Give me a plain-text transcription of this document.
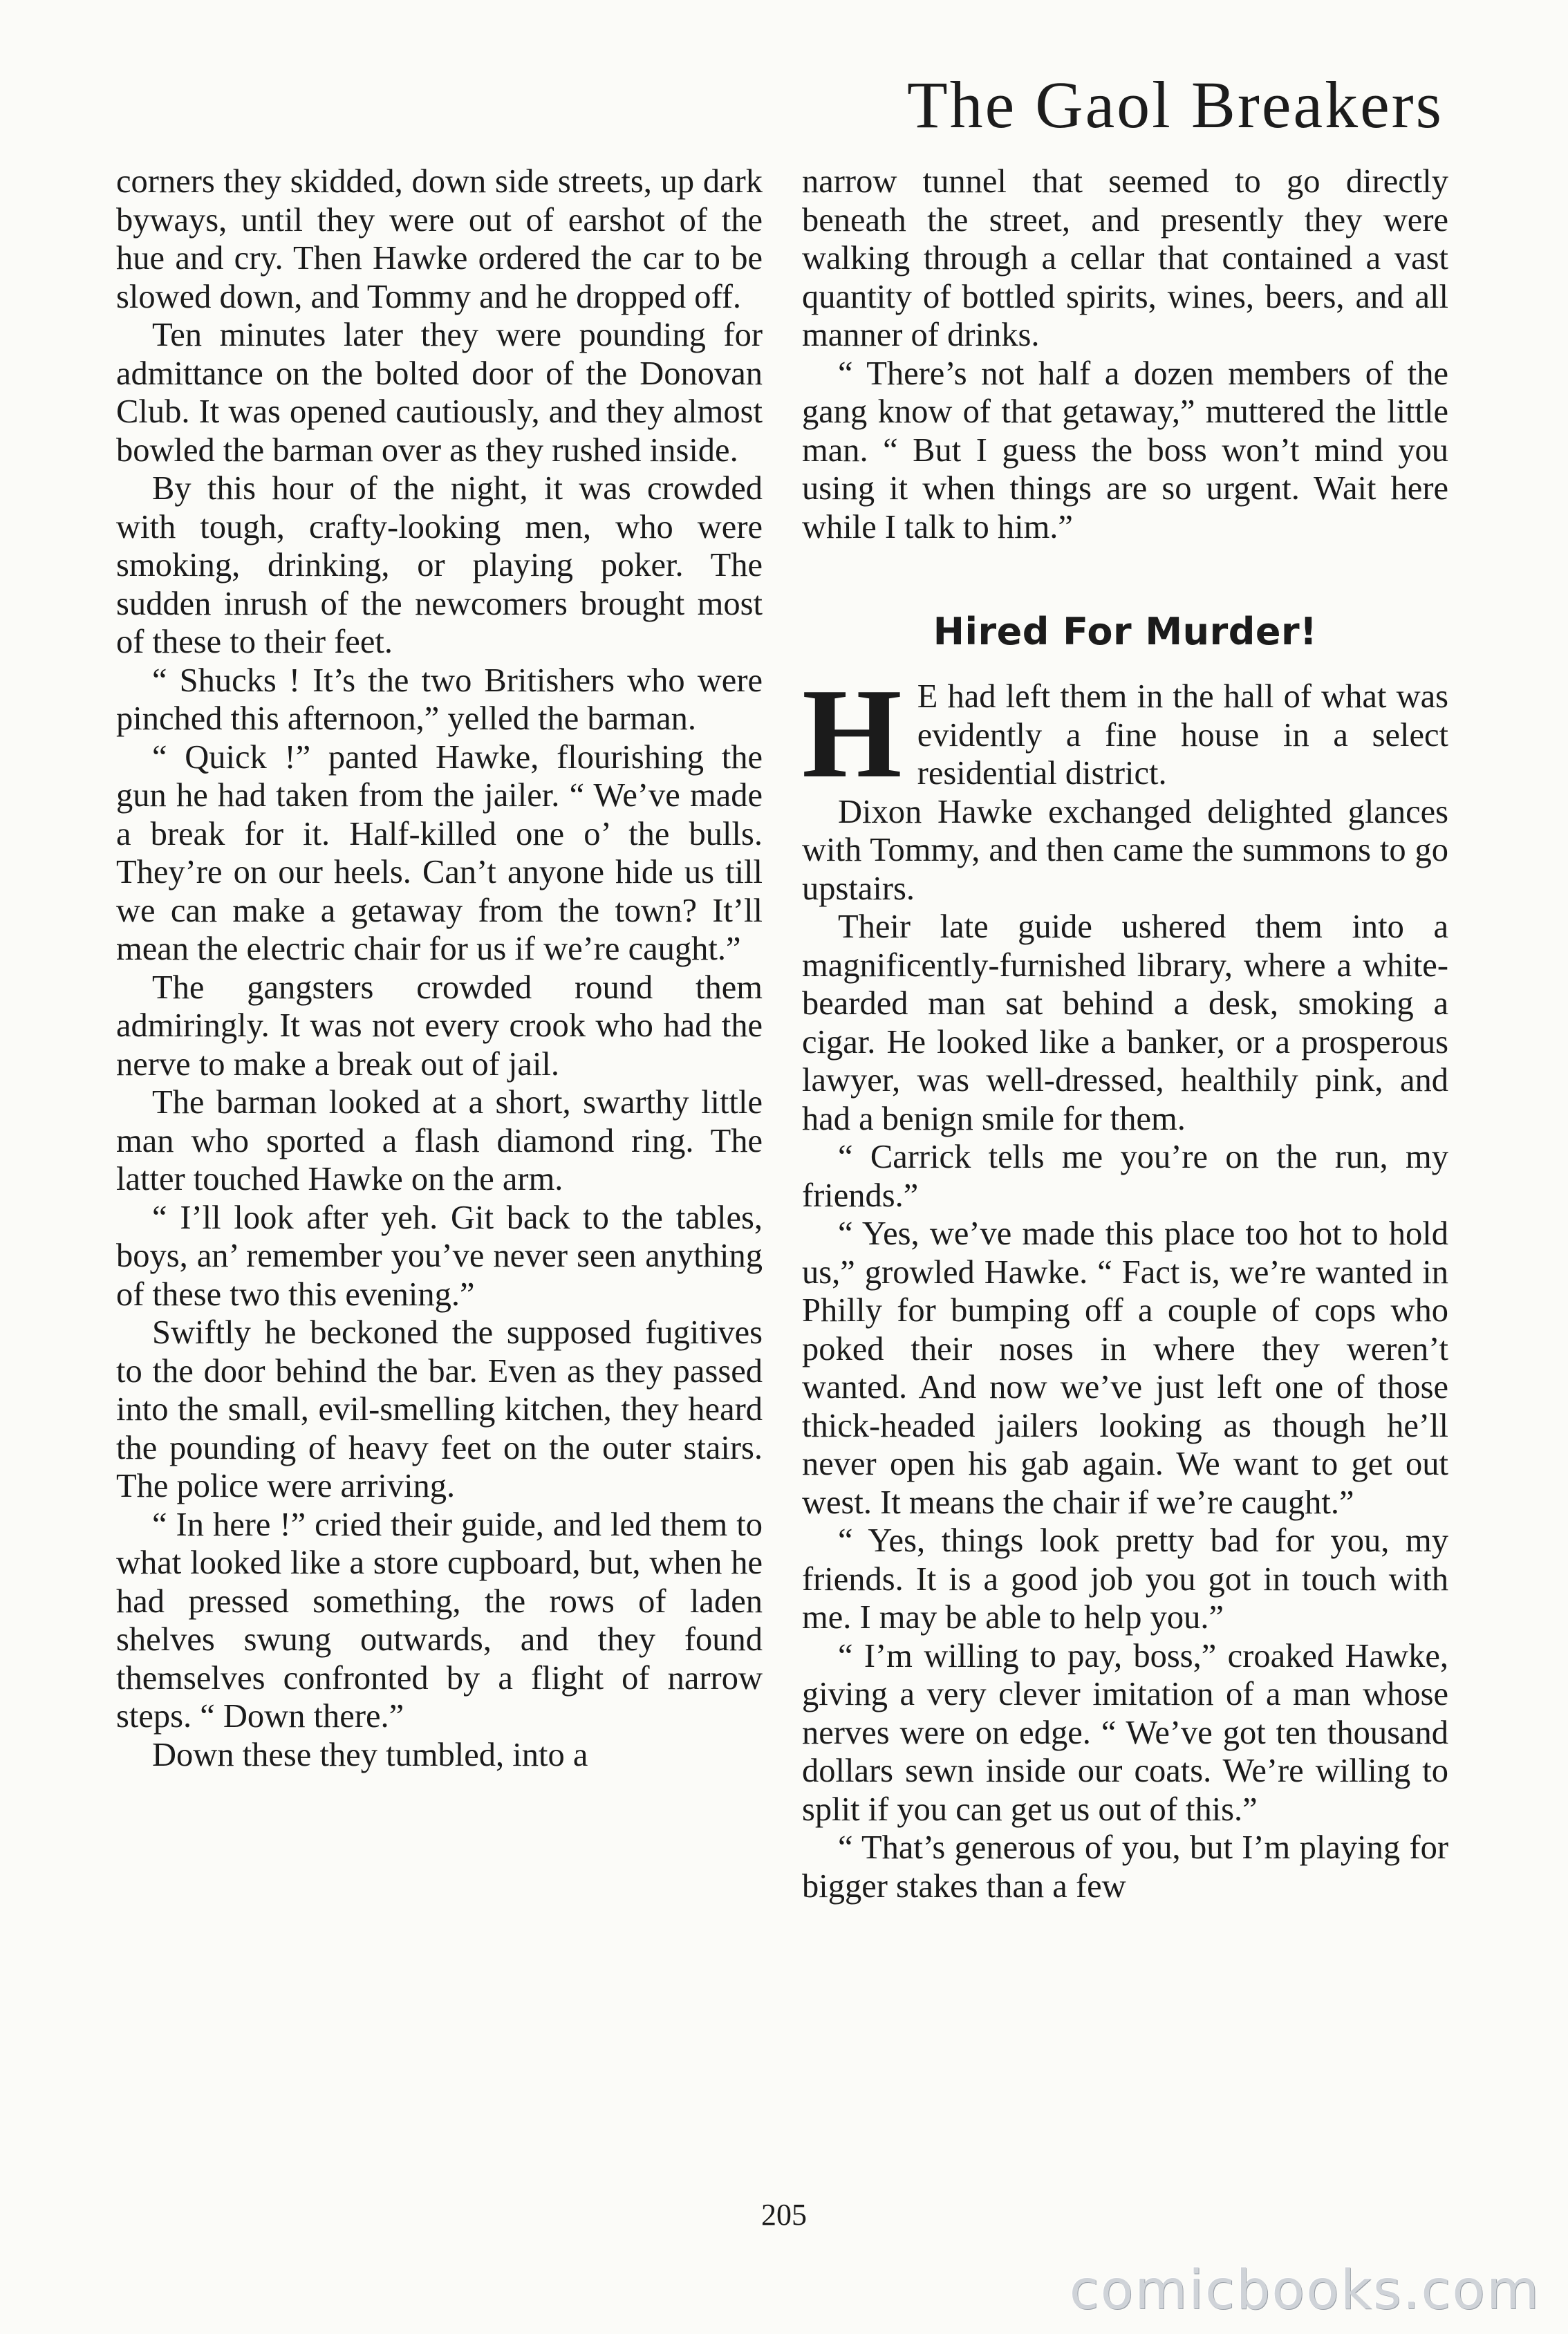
The Gaol Breakers

corners they skidded, down side streets, up dark byways, until they were out of earshot of the hue and cry. Then Hawke ordered the car to be slowed down, and Tommy and he dropped off.

Ten minutes later they were pounding for admittance on the bolted door of the Donovan Club. It was opened cautiously, and they almost bowled the barman over as they rushed inside.

By this hour of the night, it was crowded with tough, crafty-looking men, who were smoking, drinking, or playing poker. The sudden inrush of the newcomers brought most of these to their feet.

“ Shucks ! It’s the two Britishers who were pinched this afternoon,” yelled the barman.

“ Quick !” panted Hawke, flourishing the gun he had taken from the jailer. “ We’ve made a break for it. Half-killed one o’ the bulls. They’re on our heels. Can’t anyone hide us till we can make a getaway from the town? It’ll mean the electric chair for us if we’re caught.”

The gangsters crowded round them admiringly. It was not every crook who had the nerve to make a break out of jail.

The barman looked at a short, swarthy little man who sported a flash diamond ring. The latter touched Hawke on the arm.

“ I’ll look after yeh. Git back to the tables, boys, an’ remember you’ve never seen anything of these two this evening.”

Swiftly he beckoned the supposed fugitives to the door behind the bar. Even as they passed into the small, evil-smelling kitchen, they heard the pounding of heavy feet on the outer stairs. The police were arriving.

“ In here !” cried their guide, and led them to what looked like a store cupboard, but, when he had pressed something, the rows of laden shelves swung outwards, and they found themselves confronted by a flight of narrow steps. “ Down there.”

Down these they tumbled, into a

narrow tunnel that seemed to go directly beneath the street, and presently they were walking through a cellar that contained a vast quantity of bottled spirits, wines, beers, and all manner of drinks.

“ There’s not half a dozen members of the gang know of that getaway,” muttered the little man. “ But I guess the boss won’t mind you using it when things are so urgent. Wait here while I talk to him.”

Hired For Murder!

H E had left them in the hall of what was evidently a fine house in a select residential district.

Dixon Hawke exchanged delighted glances with Tommy, and then came the summons to go upstairs.

Their late guide ushered them into a magnificently-furnished library, where a white-bearded man sat behind a desk, smoking a cigar. He looked like a banker, or a prosperous lawyer, was well-dressed, healthily pink, and had a benign smile for them.

“ Carrick tells me you’re on the run, my friends.”

“ Yes, we’ve made this place too hot to hold us,” growled Hawke. “ Fact is, we’re wanted in Philly for bumping off a couple of cops who poked their noses in where they weren’t wanted. And now we’ve just left one of those thick-headed jailers looking as though he’ll never open his gab again. We want to get out west. It means the chair if we’re caught.”

“ Yes, things look pretty bad for you, my friends. It is a good job you got in touch with me. I may be able to help you.”

“ I’m willing to pay, boss,” croaked Hawke, giving a very clever imitation of a man whose nerves were on edge. “ We’ve got ten thousand dollars sewn inside our coats. We’re willing to split if you can get us out of this.”

“ That’s generous of you, but I’m playing for bigger stakes than a few

205
comicbooks.com
